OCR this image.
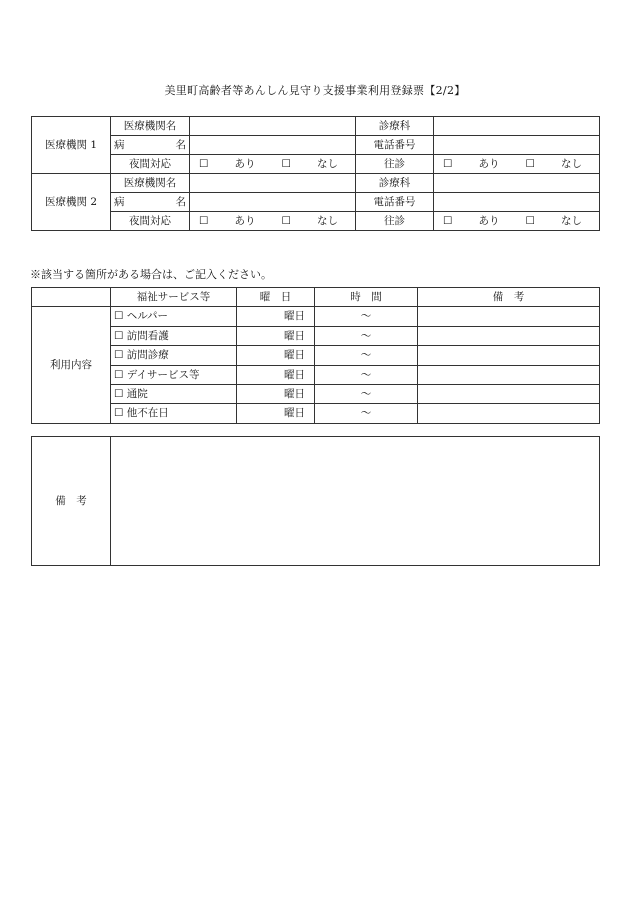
美里町高齢者等あんしん見守り支援事業利用登録票【2/2】
医療機関 1	医療機関名		診療科	
	病　　名		電話番号	
	夜間対応	☐ あり ☐ なし	往診	☐ あり ☐ なし

医療機関 2	医療機関名		診療科	
	病　　名		電話番号	
	夜間対応	☐ あり ☐ なし	往診	☐ あり ☐ なし
※該当する箇所がある場合は、ご記入ください。
	福祉サービス等	曜　日	時　間	備　考
利用内容	☐ ヘルパー	曜日	～	
	☐ 訪問看護	曜日	～	
	☐ 訪問診療	曜日	～	
	☐ デイサービス等	曜日	～	
	☐ 通院	曜日	～	
	☐ 他不在日	曜日	～	
備　考	
